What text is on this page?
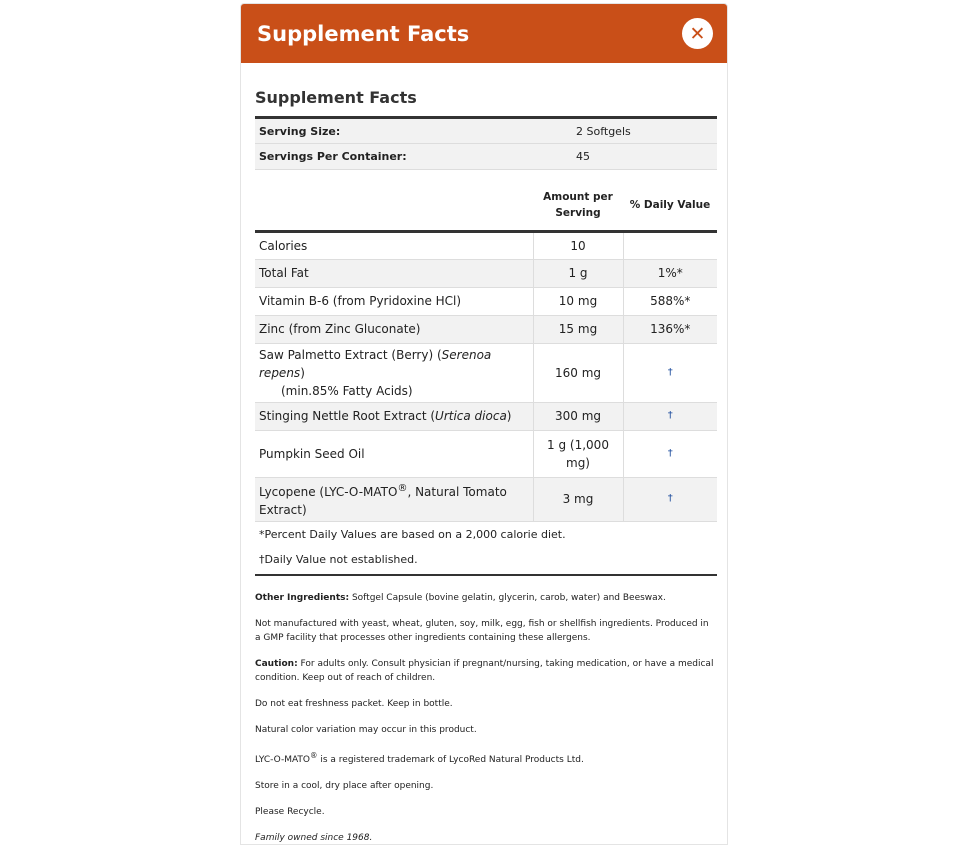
Supplement Facts	✕
Supplement Facts
Serving Size:	2 Softgels
Servings Per Container:	45
	Amount per Serving	% Daily Value
Calories	10	
Total Fat	1 g	1%*
Vitamin B-6 (from Pyridoxine HCl)	10 mg	588%*
Zinc (from Zinc Gluconate)	15 mg	136%*
Saw Palmetto Extract (Berry) (Serenoa repens)
(min.85% Fatty Acids)	160 mg	†
Stinging Nettle Root Extract (Urtica dioca)	300 mg	†
Pumpkin Seed Oil	1 g (1,000 mg)	†
Lycopene (LYC-O-MATO®, Natural Tomato Extract)	3 mg	†
*Percent Daily Values are based on a 2,000 calorie diet.
†Daily Value not established.

Other Ingredients: Softgel Capsule (bovine gelatin, glycerin, carob, water) and Beeswax.

Not manufactured with yeast, wheat, gluten, soy, milk, egg, fish or shellfish ingredients. Produced in a GMP facility that processes other ingredients containing these allergens.

Caution: For adults only. Consult physician if pregnant/nursing, taking medication, or have a medical condition. Keep out of reach of children.

Do not eat freshness packet. Keep in bottle.

Natural color variation may occur in this product.

LYC-O-MATO® is a registered trademark of LycoRed Natural Products Ltd.

Store in a cool, dry place after opening.

Please Recycle.

Family owned since 1968.
